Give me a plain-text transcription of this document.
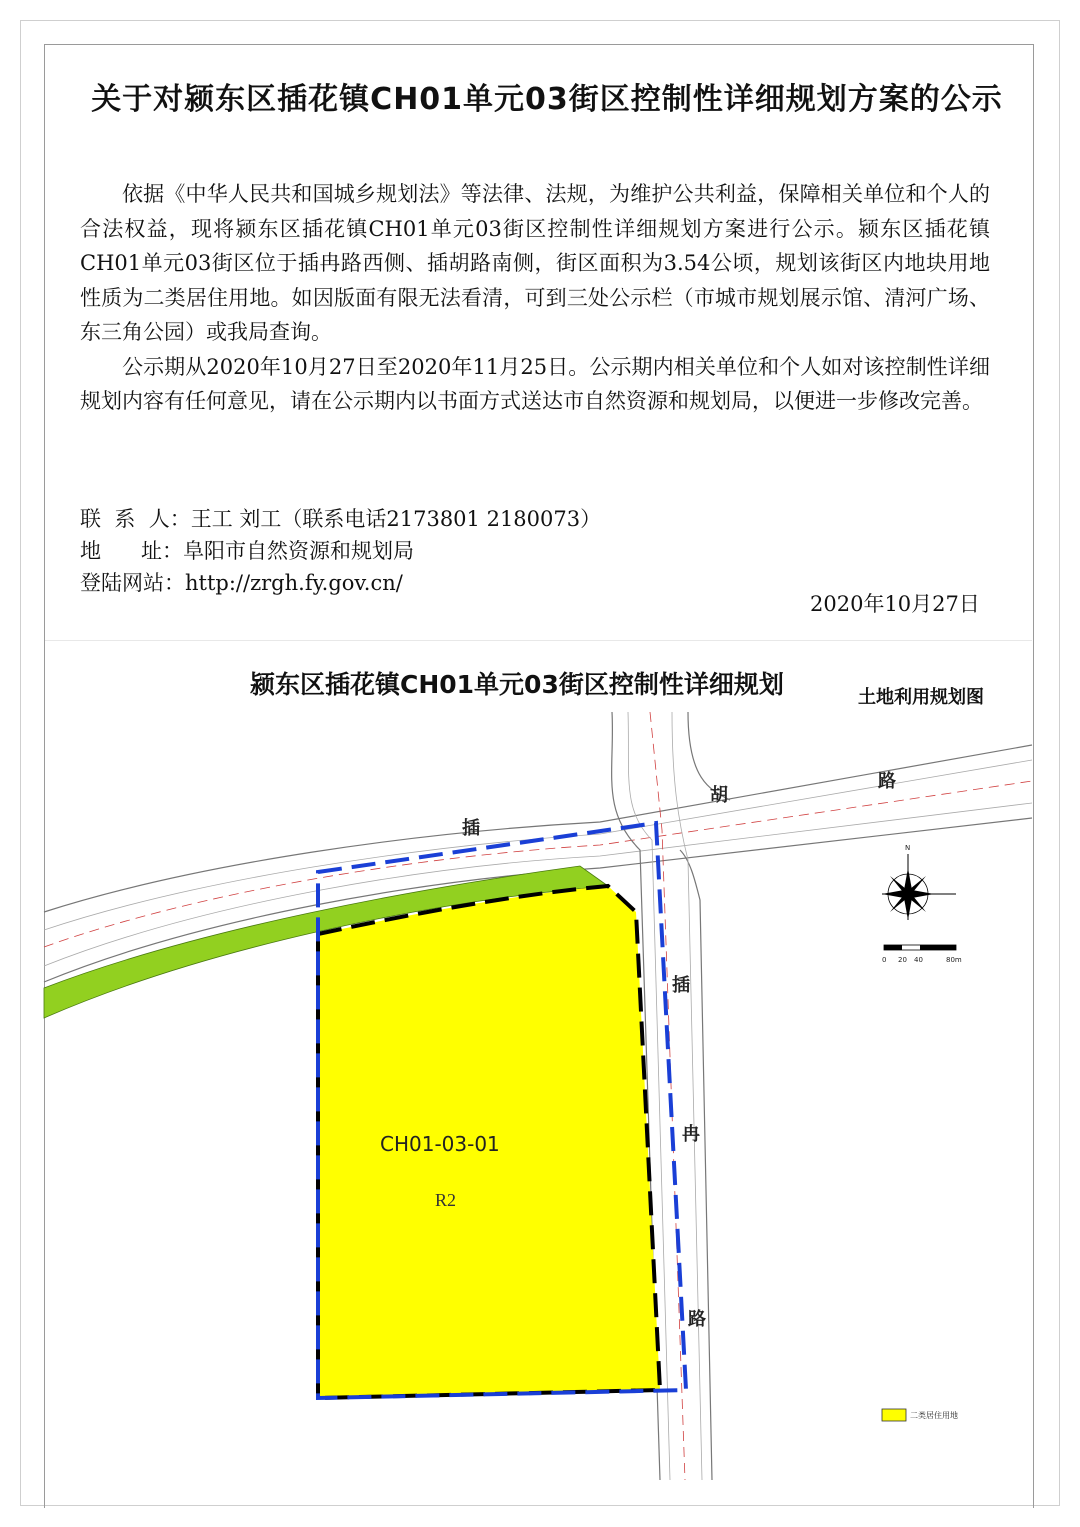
关于对颍东区插花镇CH01单元03街区控制性详细规划方案的公示

依据《中华人民共和国城乡规划法》等法律、法规，为维护公共利益，保障相关单位和个人的合法权益，现将颍东区插花镇CH01单元03街区控制性详细规划方案进行公示。颍东区插花镇CH01单元03街区位于插冉路西侧、插胡路南侧，街区面积为3.54公顷，规划该街区内地块用地性质为二类居住用地。如因版面有限无法看清，可到三处公示栏（市城市规划展示馆、清河广场、东三角公园）或我局查询。

公示期从2020年10月27日至2020年11月25日。公示期内相关单位和个人如对该控制性详细规划内容有任何意见，请在公示期内以书面方式送达市自然资源和规划局，以便进一步修改完善。

联  系  人：王工 刘工（联系电话2173801 2180073）
地      址：阜阳市自然资源和规划局
登陆网站：http://zrgh.fy.gov.cn/
2020年10月27日
颍东区插花镇CH01单元03街区控制性详细规划	土地利用规划图
插
胡
路
插
冉
路
CH01-03-01
R2
N
0 20 40	80m
二类居住用地
